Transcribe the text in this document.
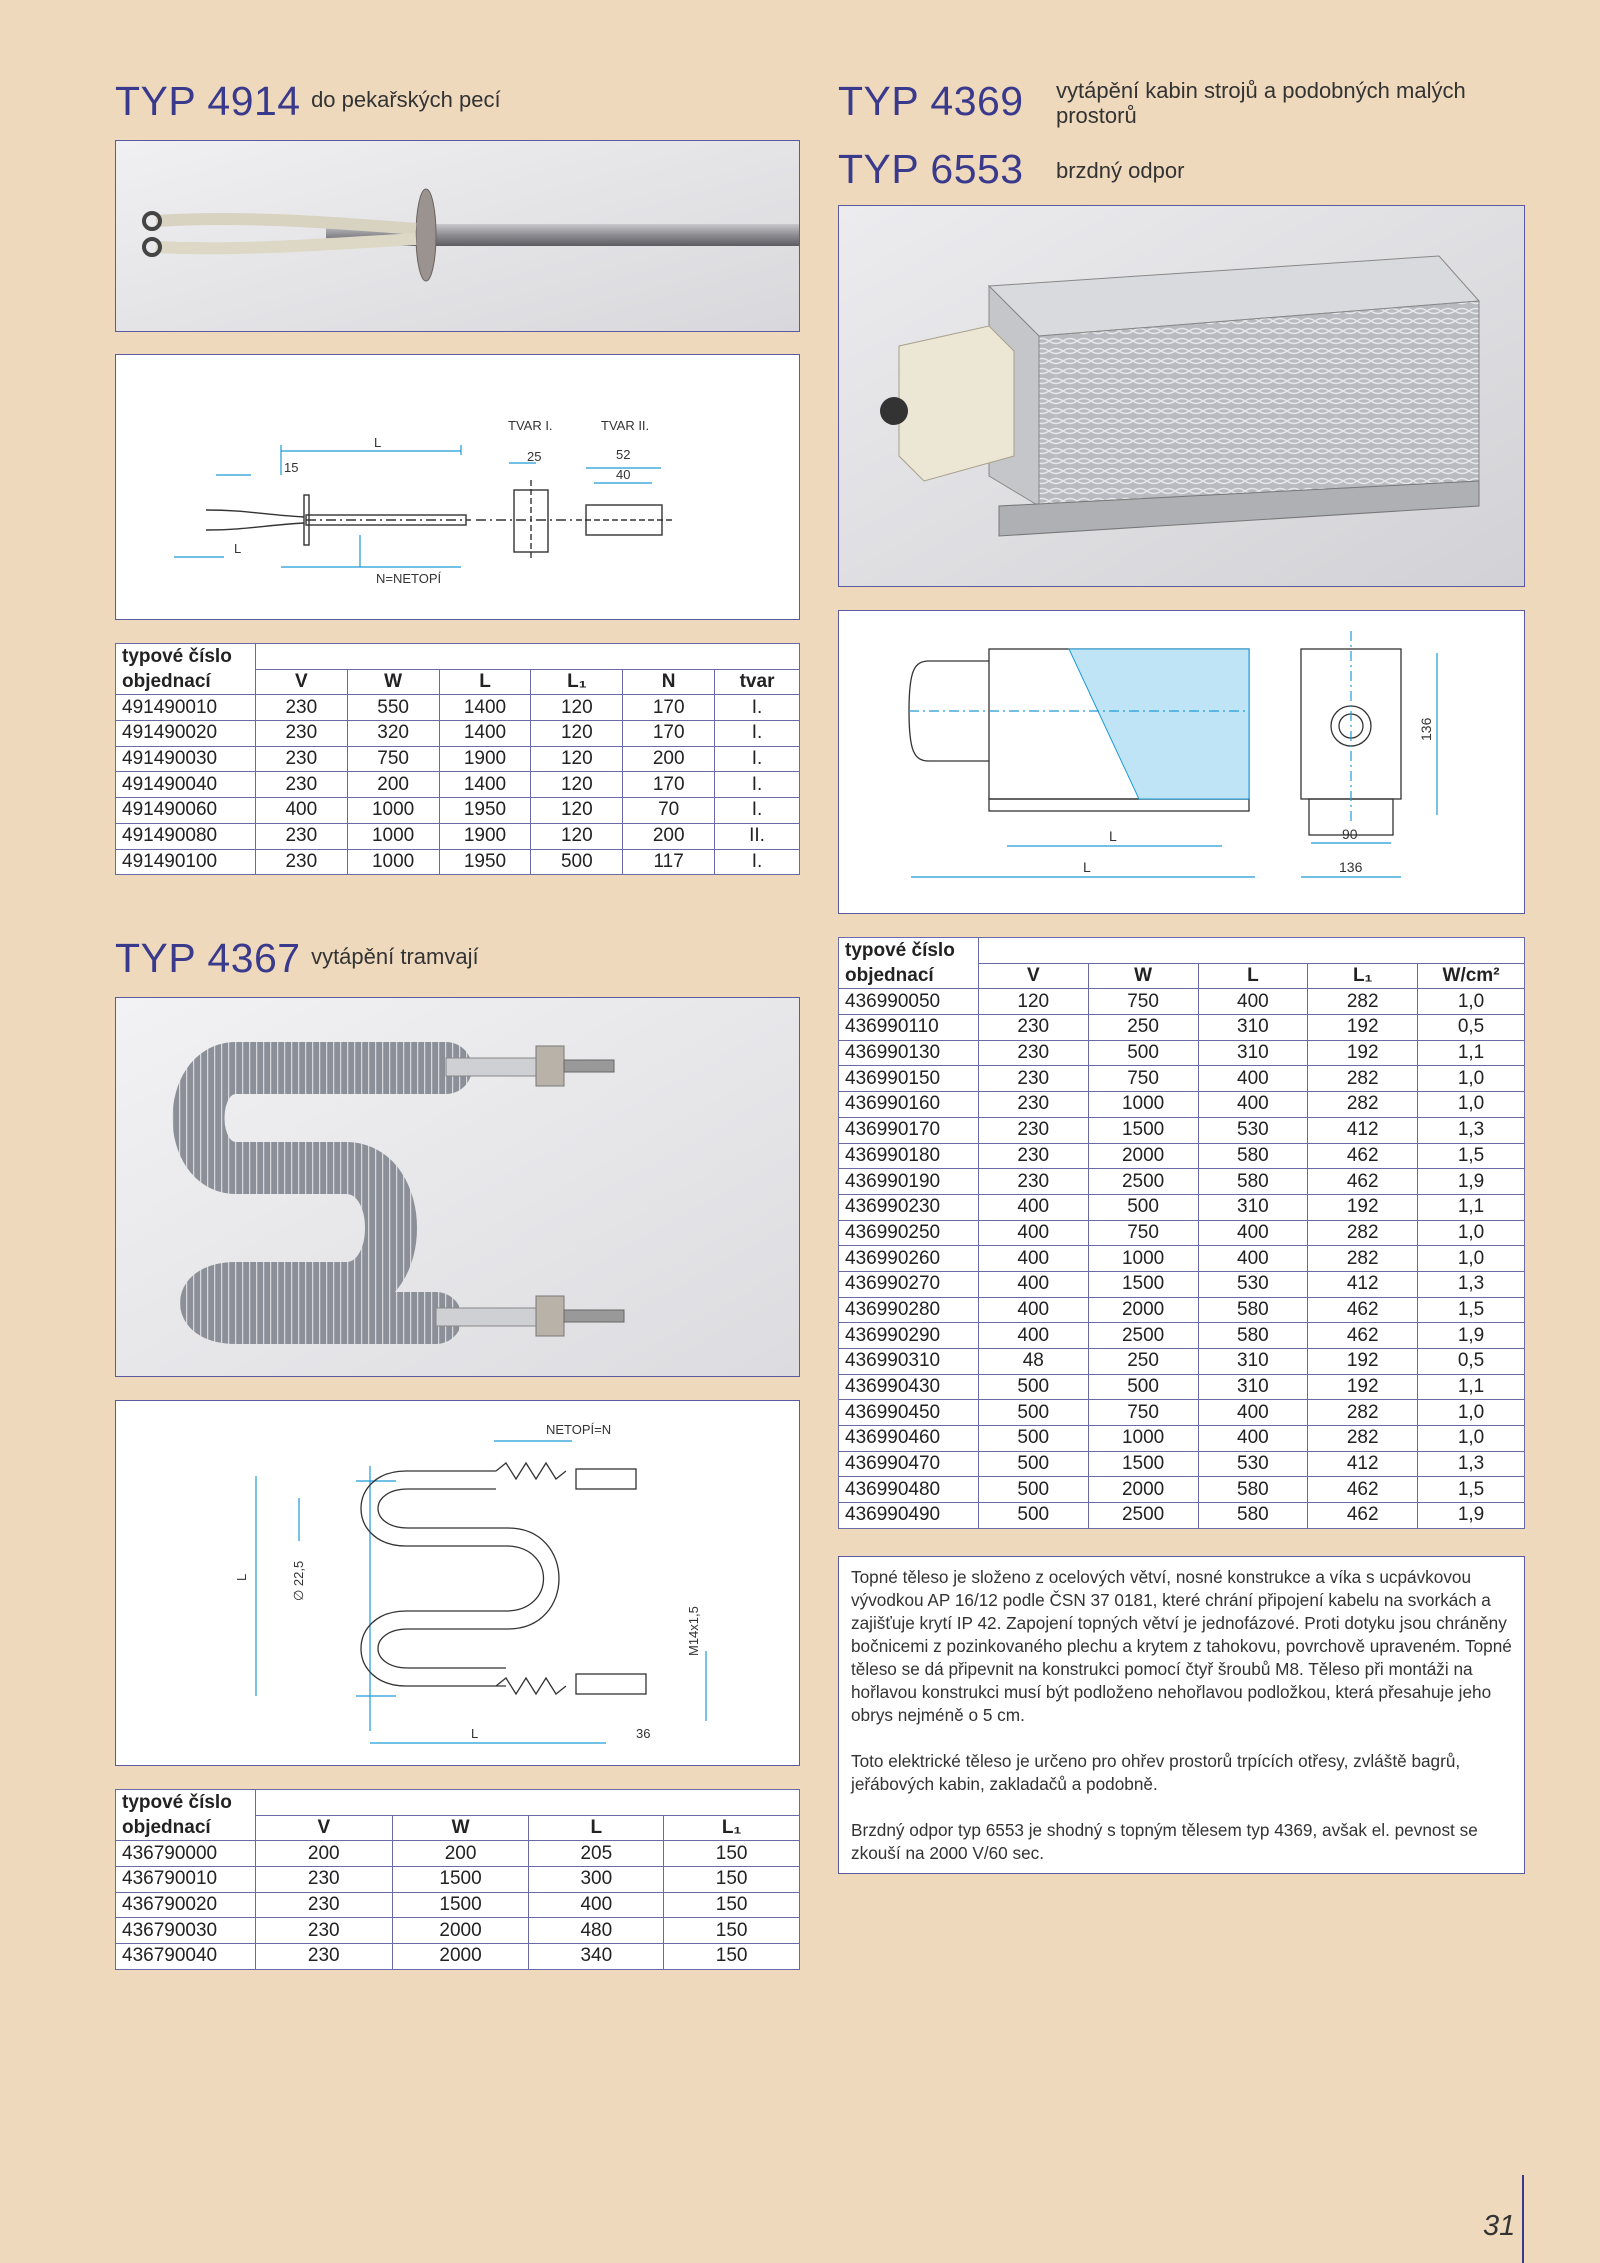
TYP 4914 do pekařských pecí
L
15
L
N=NETOPÍ
TVAR I.	TVAR II.
25	52
40
typové číslo						
objednací	V	W	L	L₁	N	tvar
491490010	230	550	1400	120	170	I.
491490020	230	320	1400	120	170	I.
491490030	230	750	1900	120	200	I.
491490040	230	200	1400	120	170	I.
491490060	400	1000	1950	120	70	I.
491490080	230	1000	1900	120	200	II.
491490100	230	1000	1950	500	117	I.
TYP 4367 vytápění tramvají
NETOPÍ=N
L	∅ 22,5
M14x1,5
L	36
typové číslo				
objednací	V	W	L	L₁
436790000	200	200	205	150
436790010	230	1500	300	150
436790020	230	1500	400	150
436790030	230	2000	480	150
436790040	230	2000	340	150
TYP 4369 vytápění kabin strojů a podobných malých prostorů
TYP 6553 brzdný odpor
L
L
136
90
136
typové číslo					
objednací	V	W	L	L₁	W/cm²
436990050	120	750	400	282	1,0
436990110	230	250	310	192	0,5
436990130	230	500	310	192	1,1
436990150	230	750	400	282	1,0
436990160	230	1000	400	282	1,0
436990170	230	1500	530	412	1,3
436990180	230	2000	580	462	1,5
436990190	230	2500	580	462	1,9
436990230	400	500	310	192	1,1
436990250	400	750	400	282	1,0
436990260	400	1000	400	282	1,0
436990270	400	1500	530	412	1,3
436990280	400	2000	580	462	1,5
436990290	400	2500	580	462	1,9
436990310	48	250	310	192	0,5
436990430	500	500	310	192	1,1
436990450	500	750	400	282	1,0
436990460	500	1000	400	282	1,0
436990470	500	1500	530	412	1,3
436990480	500	2000	580	462	1,5
436990490	500	2500	580	462	1,9

Topné těleso je složeno z ocelových větví, nosné konstrukce a víka s ucpávkovou vývodkou AP 16/12 podle ČSN 37 0181, které chrání připojení kabelu na svorkách a zajišťuje krytí IP 42. Zapojení topných větví je jednofázové. Proti dotyku jsou chráněny bočnicemi z pozinkovaného plechu a krytem z tahokovu, povrchově upraveném. Topné těleso se dá připevnit na konstrukci pomocí čtyř šroubů M8. Těleso při montáži na hořlavou konstrukci musí být podloženo nehořlavou podložkou, která přesahuje jeho obrys nejméně o 5 cm.

Toto elektrické těleso je určeno pro ohřev prostorů trpících otřesy, zvláště bagrů, jeřábových kabin, zakladačů a podobně.

Brzdný odpor typ 6553 je shodný s topným tělesem typ 4369, avšak el. pevnost se zkouší na 2000 V/60 sec.

31
